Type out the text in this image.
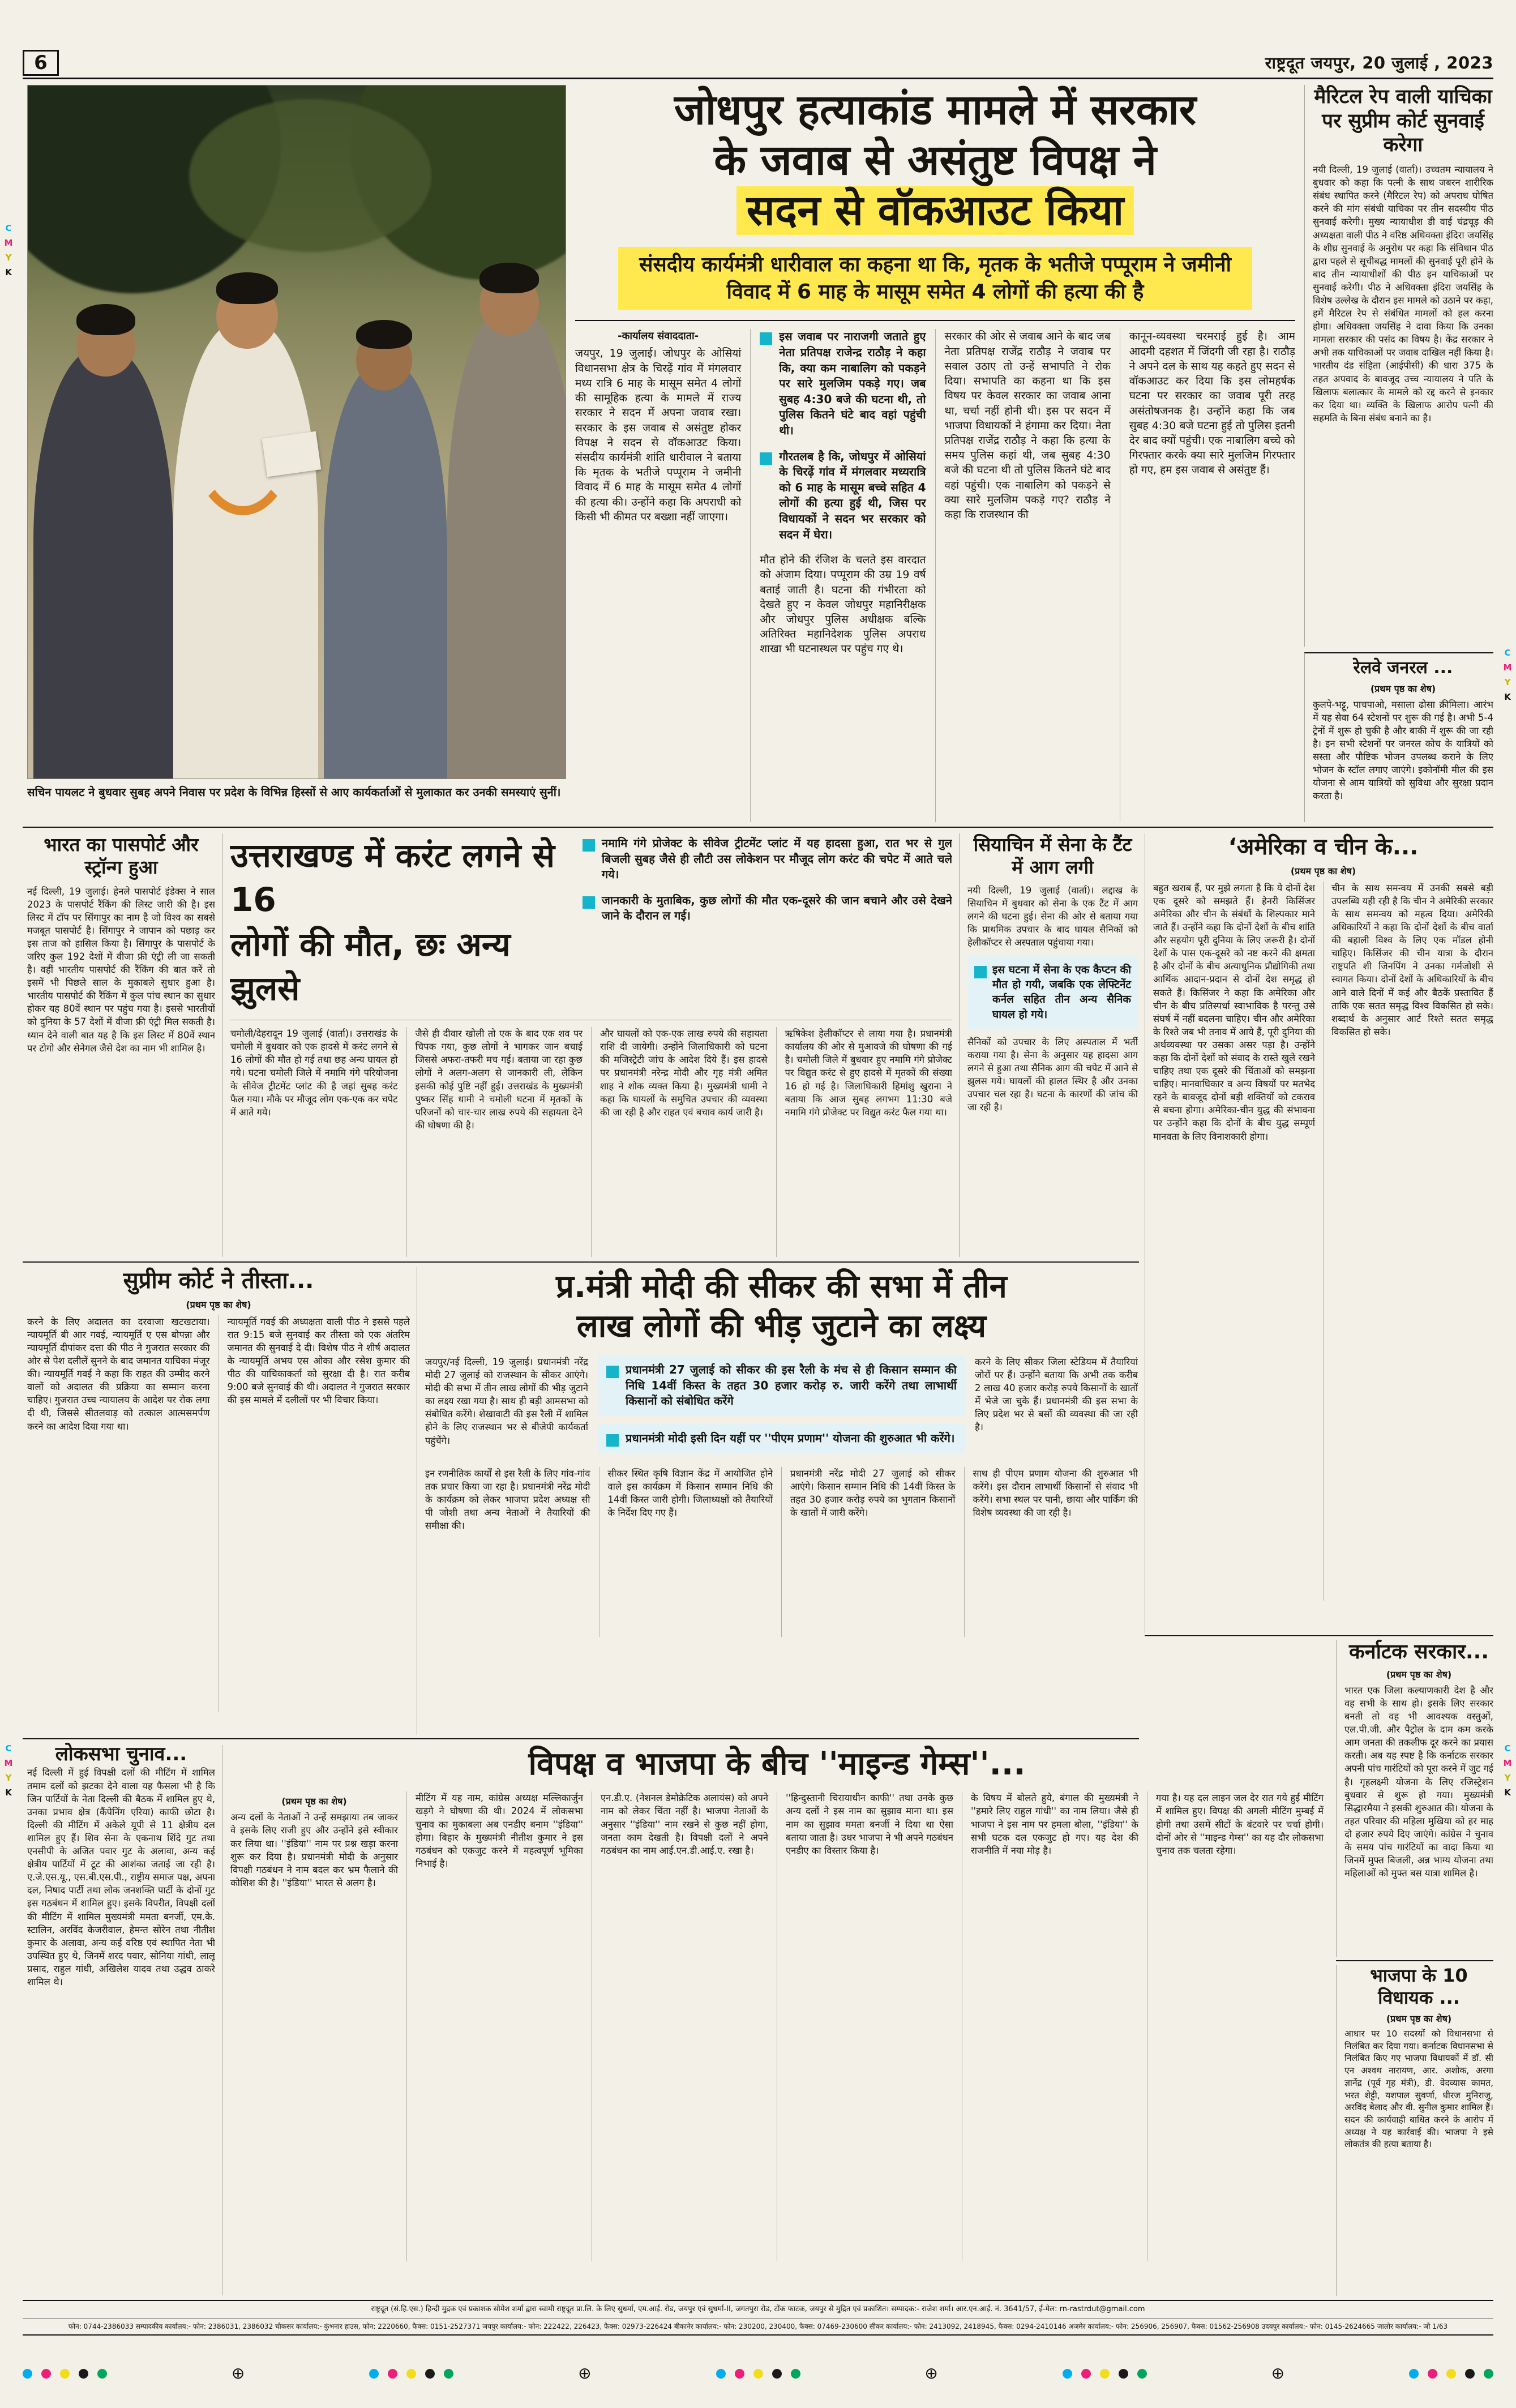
C
M
Y
K
C
M
Y
K
C
M
Y
K
C
M
Y
K
6	राष्ट्रदूत जयपुर, 20 जुलाई , 2023
सचिन पायलट ने बुधवार सुबह अपने निवास पर प्रदेश के विभिन्न हिस्सों से आए कार्यकर्ताओं से मुलाकात कर उनकी समस्याएं सुनीं।
जोधपुर हत्याकांड मामले में सरकार
के जवाब से असंतुष्ट विपक्ष ने
सदन से वॉकआउट किया
संसदीय कार्यमंत्री धारीवाल का कहना था कि, मृतक के भतीजे पप्पूराम ने जमीनी विवाद में 6 माह के मासूम समेत 4 लोगों की हत्या की है
-कार्यालय संवाददाता-
जयपुर, 19 जुलाई। जोधपुर के ओसियां विधानसभा क्षेत्र के चिरढ़ें गांव में मंगलवार मध्य रात्रि 6 माह के मासूम समेत 4 लोगों की सामूहिक हत्या के मामले में राज्य सरकार ने सदन में अपना जवाब रखा। सरकार के इस जवाब से असंतुष्ट होकर विपक्ष ने सदन से वॉकआउट किया। संसदीय कार्यमंत्री शांति धारीवाल ने बताया कि मृतक के भतीजे पप्पूराम ने जमीनी विवाद में 6 माह के मासूम समेत 4 लोगों की हत्या की। उन्होंने कहा कि अपराधी को किसी भी कीमत पर बख्शा नहीं जाएगा।
इस जवाब पर नाराजगी जताते हुए नेता प्रतिपक्ष राजेन्द्र राठौड़ ने कहा कि, क्या कम नाबालिग को पकड़ने पर सारे मुलजिम पकड़े गए। जब सुबह 4:30 बजे की घटना थी, तो पुलिस कितने घंटे बाद वहां पहुंची थी।
गौरतलब है कि, जोधपुर में ओसियां के चिरढ़ें गांव में मंगलवार मध्यरात्रि को 6 माह के मासूम बच्चे सहित 4 लोगों की हत्या हुई थी, जिस पर विधायकों ने सदन भर सरकार को सदन में घेरा।
मौत होने की रंजिश के चलते इस वारदात को अंजाम दिया। पप्पूराम की उम्र 19 वर्ष बताई जाती है। घटना की गंभीरता को देखते हुए न केवल जोधपुर महानिरीक्षक और जोधपुर पुलिस अधीक्षक बल्कि अतिरिक्त महानिदेशक पुलिस अपराध शाखा भी घटनास्थल पर पहुंच गए थे।
सरकार की ओर से जवाब आने के बाद जब नेता प्रतिपक्ष राजेंद्र राठौड़ ने जवाब पर सवाल उठाए तो उन्हें सभापति ने रोक दिया। सभापति का कहना था कि इस विषय पर केवल सरकार का जवाब आना था, चर्चा नहीं होनी थी। इस पर सदन में भाजपा विधायकों ने हंगामा कर दिया। नेता प्रतिपक्ष राजेंद्र राठौड़ ने कहा कि हत्या के समय पुलिस कहां थी, जब सुबह 4:30 बजे की घटना थी तो पुलिस कितने घंटे बाद वहां पहुंची। एक नाबालिग को पकड़ने से क्या सारे मुलजिम पकड़े गए? राठौड़ ने कहा कि राजस्थान की
कानून-व्यवस्था चरमराई हुई है। आम आदमी दहशत में जिंदगी जी रहा है। राठौड़ ने अपने दल के साथ यह कहते हुए सदन से वॉकआउट कर दिया कि इस लोमहर्षक घटना पर सरकार का जवाब पूरी तरह असंतोषजनक है। उन्होंने कहा कि जब सुबह 4:30 बजे घटना हुई तो पुलिस इतनी देर बाद क्यों पहुंची। एक नाबालिग बच्चे को गिरफ्तार करके क्या सारे मुलजिम गिरफ्तार हो गए, हम इस जवाब से असंतुष्ट हैं।
मैरिटल रेप वाली याचिका पर सुप्रीम कोर्ट सुनवाई करेगा
नयी दिल्ली, 19 जुलाई (वार्ता)। उच्चतम न्यायालय ने बुधवार को कहा कि पत्नी के साथ जबरन शारीरिक संबंध स्थापित करने (मैरिटल रेप) को अपराध घोषित करने की मांग संबंधी याचिका पर तीन सदस्यीय पीठ सुनवाई करेगी। मुख्य न्यायाधीश डी वाई चंद्रचूड़ की अध्यक्षता वाली पीठ ने वरिष्ठ अधिवक्ता इंदिरा जयसिंह के शीघ्र सुनवाई के अनुरोध पर कहा कि संविधान पीठ द्वारा पहले से सूचीबद्ध मामलों की सुनवाई पूरी होने के बाद तीन न्यायाधीशों की पीठ इन याचिकाओं पर सुनवाई करेगी। पीठ ने अधिवक्ता इंदिरा जयसिंह के विशेष उल्लेख के दौरान इस मामले को उठाने पर कहा, हमें मैरिटल रेप से संबंधित मामलों को हल करना होगा। अधिवक्ता जयसिंह ने दावा किया कि उनका मामला सरकार की पसंद का विषय है। केंद्र सरकार ने अभी तक याचिकाओं पर जवाब दाखिल नहीं किया है। भारतीय दंड संहिता (आईपीसी) की धारा 375 के तहत अपवाद के बावजूद उच्च न्यायालय ने पति के खिलाफ बलात्कार के मामले को रद्द करने से इनकार कर दिया था। व्यक्ति के खिलाफ आरोप पत्नी की सहमति के बिना संबंध बनाने का है।
रेलवे जनरल ...
(प्रथम पृष्ठ का शेष)
कुलपे-भट्टू, पाचपाओ, मसाला ढोसा क्रीमिला। आरंभ में यह सेवा 64 स्टेशनों पर शुरू की गई है। अभी 5-4 ट्रेनों में शुरू हो चुकी है और बाकी में शुरू की जा रही है। इन सभी स्टेशनों पर जनरल कोच के यात्रियों को सस्ता और पौष्टिक भोजन उपलब्ध कराने के लिए भोजन के स्टॉल लगाए जाएंगे। इकोनॉमी मील की इस योजना से आम यात्रियों को सुविधा और सुरक्षा प्रदान करता है।
भारत का पासपोर्ट और स्ट्रॉन्ग हुआ
नई दिल्ली, 19 जुलाई। हेनले पासपोर्ट इंडेक्स ने साल 2023 के पासपोर्ट रैंकिंग की लिस्ट जारी की है। इस लिस्ट में टॉप पर सिंगापुर का नाम है जो विश्व का सबसे मजबूत पासपोर्ट है। सिंगापुर ने जापान को पछाड़ कर इस ताज को हासिल किया है। सिंगापुर के पासपोर्ट के जरिए कुल 192 देशों में वीजा फ्री एंट्री ली जा सकती है। वहीं भारतीय पासपोर्ट की रैंकिंग की बात करें तो इसमें भी पिछले साल के मुकाबले सुधार हुआ है। भारतीय पासपोर्ट की रैंकिंग में कुल पांच स्थान का सुधार होकर यह 80वें स्थान पर पहुंच गया है। इससे भारतीयों को दुनिया के 57 देशों में वीजा फ्री एंट्री मिल सकती है। ध्यान देने वाली बात यह है कि इस लिस्ट में 80वें स्थान पर टोगो और सेनेगल जैसे देश का नाम भी शामिल है।
उत्तराखण्ड में करंट लगने से 16
लोगों की मौत, छः अन्य झुलसे
नमामि गंगे प्रोजेक्ट के सीवेज ट्रीटमेंट प्लांट में यह हादसा हुआ, रात भर से गुल बिजली सुबह जैसे ही लौटी उस लोकेशन पर मौजूद लोग करंट की चपेट में आते चले गये।
जानकारी के मुताबिक, कुछ लोगों की मौत एक-दूसरे की जान बचाने और उसे देखने जाने के दौरान ल गई।
चमोली/देहरादून 19 जुलाई (वार्ता)। उत्तराखंड के चमोली में बुधवार को एक हादसे में करंट लगने से 16 लोगों की मौत हो गई तथा छह अन्य घायल हो गये। घटना चमोली जिले में नमामि गंगे परियोजना के सीवेज ट्रीटमेंट प्लांट की है जहां सुबह करंट फैल गया। मौके पर मौजूद लोग एक-एक कर चपेट में आते गये।
जैसे ही दीवार खोली तो एक के बाद एक शव पर चिपक गया, कुछ लोगों ने भागकर जान बचाई जिससे अफरा-तफरी मच गई। बताया जा रहा कुछ लोगों ने अलग-अलग से जानकारी ली, लेकिन इसकी कोई पुष्टि नहीं हुई। उत्तराखंड के मुख्यमंत्री पुष्कर सिंह धामी ने चमोली घटना में मृतकों के परिजनों को चार-चार लाख रुपये की सहायता देने की घोषणा की है।
और घायलों को एक-एक लाख रुपये की सहायता राशि दी जायेगी। उन्होंने जिलाधिकारी को घटना की मजिस्ट्रेटी जांच के आदेश दिये हैं। इस हादसे पर प्रधानमंत्री नरेन्द्र मोदी और गृह मंत्री अमित शाह ने शोक व्यक्त किया है। मुख्यमंत्री धामी ने कहा कि घायलों के समुचित उपचार की व्यवस्था की जा रही है और राहत एवं बचाव कार्य जारी है।
ऋषिकेश हेलीकॉप्टर से लाया गया है। प्रधानमंत्री कार्यालय की ओर से मुआवजे की घोषणा की गई है। चमोली जिले में बुधवार हुए नमामि गंगे प्रोजेक्ट पर विद्युत करंट से हुए हादसे में मृतकों की संख्या 16 हो गई है। जिलाधिकारी हिमांशु खुराना ने बताया कि आज सुबह लगभग 11:30 बजे नमामि गंगे प्रोजेक्ट पर विद्युत करंट फैल गया था।
सियाचिन में सेना के टैंट में आग लगी
नयी दिल्ली, 19 जुलाई (वार्ता)। लद्दाख के सियाचिन में बुधवार को सेना के एक टैंट में आग लगने की घटना हुई। सेना की ओर से बताया गया कि प्राथमिक उपचार के बाद घायल सैनिकों को हेलीकॉप्टर से अस्पताल पहुंचाया गया।
इस घटना में सेना के एक कैप्टन की मौत हो गयी, जबकि एक लेफ्टिनेंट कर्नल सहित तीन अन्य सैनिक घायल हो गये।
सैनिकों को उपचार के लिए अस्पताल में भर्ती कराया गया है। सेना के अनुसार यह हादसा आग लगने से हुआ तथा सैनिक आग की चपेट में आने से झुलस गये। घायलों की हालत स्थिर है और उनका उपचार चल रहा है। घटना के कारणों की जांच की जा रही है।
‘अमेरिका व चीन के...
(प्रथम पृष्ठ का शेष)
बहुत खराब हैं, पर मुझे लगता है कि ये दोनों देश एक दूसरे को समझते हैं। हेनरी किसिंजर अमेरिका और चीन के संबंधों के शिल्पकार माने जाते हैं। उन्होंने कहा कि दोनों देशों के बीच शांति और सहयोग पूरी दुनिया के लिए जरूरी है। दोनों देशों के पास एक-दूसरे को नष्ट करने की क्षमता है और दोनों के बीच अत्याधुनिक प्रौद्योगिकी तथा आर्थिक आदान-प्रदान से दोनों देश समृद्ध हो सकते हैं। किसिंजर ने कहा कि अमेरिका और चीन के बीच प्रतिस्पर्धा स्वाभाविक है परन्तु उसे संघर्ष में नहीं बदलना चाहिए। चीन और अमेरिका के रिश्ते जब भी तनाव में आये हैं, पूरी दुनिया की अर्थव्यवस्था पर उसका असर पड़ा है। उन्होंने कहा कि दोनों देशों को संवाद के रास्ते खुले रखने चाहिए तथा एक दूसरे की चिंताओं को समझना चाहिए। मानवाधिकार व अन्य विषयों पर मतभेद रहने के बावजूद दोनों बड़ी शक्तियों को टकराव से बचना होगा। अमेरिका-चीन युद्ध की संभावना पर उन्होंने कहा कि दोनों के बीच युद्ध सम्पूर्ण मानवता के लिए विनाशकारी होगा।
चीन के साथ समन्वय में उनकी सबसे बड़ी उपलब्धि यही रही है कि चीन ने अमेरिकी सरकार के साथ समन्वय को महत्व दिया। अमेरिकी अधिकारियों ने कहा कि दोनों देशों के बीच वार्ता की बहाली विश्व के लिए एक मॉडल होनी चाहिए। किसिंजर की चीन यात्रा के दौरान राष्ट्रपति शी जिनपिंग ने उनका गर्मजोशी से स्वागत किया। दोनों देशों के अधिकारियों के बीच आने वाले दिनों में कई और बैठकें प्रस्तावित हैं ताकि एक सतत समृद्ध विश्व विकसित हो सके। शब्दार्थ के अनुसार आर्ट रिश्ते सतत समृद्ध विकसित हो सके।
सुप्रीम कोर्ट ने तीस्ता...
(प्रथम पृष्ठ का शेष)
करने के लिए अदालत का दरवाजा खटखटाया। न्यायमूर्ति बी आर गवई, न्यायमूर्ति ए एस बोपन्ना और न्यायमूर्ति दीपांकर दत्ता की पीठ ने गुजरात सरकार की ओर से पेश दलीलें सुनने के बाद जमानत याचिका मंजूर की। न्यायमूर्ति गवई ने कहा कि राहत की उम्मीद करने वालों को अदालत की प्रक्रिया का सम्मान करना चाहिए। गुजरात उच्च न्यायालय के आदेश पर रोक लगा दी थी, जिससे सीतलवाड़ को तत्काल आत्मसमर्पण करने का आदेश दिया गया था।
न्यायमूर्ति गवई की अध्यक्षता वाली पीठ ने इससे पहले रात 9:15 बजे सुनवाई कर तीस्ता को एक अंतरिम जमानत की सुनवाई दे दी। विशेष पीठ ने शीर्ष अदालत के न्यायमूर्ति अभय एस ओका और रसेश कुमार की पीठ की याचिकाकर्ता को सुरक्षा दी है। रात करीब 9:00 बजे सुनवाई की थी। अदालत ने गुजरात सरकार की इस मामले में दलीलों पर भी विचार किया।
प्र.मंत्री मोदी की सीकर की सभा में तीन
लाख लोगों की भीड़ जुटाने का लक्ष्य
जयपुर/नई दिल्ली, 19 जुलाई। प्रधानमंत्री नरेंद्र मोदी 27 जुलाई को राजस्थान के सीकर आएंगे। मोदी की सभा में तीन लाख लोगों की भीड़ जुटाने का लक्ष्य रखा गया है। साथ ही बड़ी आमसभा को संबोधित करेंगे। शेखावाटी की इस रैली में शामिल होने के लिए राजस्थान भर से बीजेपी कार्यकर्ता पहुंचेंगे।
प्रधानमंत्री 27 जुलाई को सीकर की इस रैली के मंच से ही किसान सम्मान की निधि 14वीं किस्त के तहत 30 हजार करोड़ रु. जारी करेंगे तथा लाभार्थी किसानों को संबोधित करेंगे
प्रधानमंत्री मोदी इसी दिन यहीं पर ''पीएम प्रणाम'' योजना की शुरुआत भी करेंगे।
करने के लिए सीकर जिला स्टेडियम में तैयारियां जोरों पर हैं। उन्होंने बताया कि अभी तक करीब 2 लाख 40 हजार करोड़ रुपये किसानों के खातों में भेजे जा चुके हैं। प्रधानमंत्री की इस सभा के लिए प्रदेश भर से बसों की व्यवस्था की जा रही है।
इन रणनीतिक कार्यों से इस रैली के लिए गांव-गांव तक प्रचार किया जा रहा है। प्रधानमंत्री नरेंद्र मोदी के कार्यक्रम को लेकर भाजपा प्रदेश अध्यक्ष सी पी जोशी तथा अन्य नेताओं ने तैयारियों की समीक्षा की।
सीकर स्थित कृषि विज्ञान केंद्र में आयोजित होने वाले इस कार्यक्रम में किसान सम्मान निधि की 14वीं किस्त जारी होगी। जिलाध्यक्षों को तैयारियों के निर्देश दिए गए हैं।
प्रधानमंत्री नरेंद्र मोदी 27 जुलाई को सीकर आएंगे। किसान सम्मान निधि की 14वीं किस्त के तहत 30 हजार करोड़ रुपये का भुगतान किसानों के खातों में जारी करेंगे।
साथ ही पीएम प्रणाम योजना की शुरुआत भी करेंगे। इस दौरान लाभार्थी किसानों से संवाद भी करेंगे। सभा स्थल पर पानी, छाया और पार्किंग की विशेष व्यवस्था की जा रही है।
कर्नाटक सरकार...
(प्रथम पृष्ठ का शेष)
भारत एक जिला कल्याणकारी देश है और वह सभी के साथ हो। इसके लिए सरकार बनती तो वह भी आवश्यक वस्तुओं, एल.पी.जी. और पैट्रोल के दाम कम करके आम जनता की तकलीफ दूर करने का प्रयास करती। अब यह स्पष्ट है कि कर्नाटक सरकार अपनी पांच गारंटियों को पूरा करने में जुट गई है। गृहलक्ष्मी योजना के लिए रजिस्ट्रेशन बुधवार से शुरू हो गया। मुख्यमंत्री सिद्धारमैया ने इसकी शुरुआत की। योजना के तहत परिवार की महिला मुखिया को हर माह दो हजार रुपये दिए जाएंगे। कांग्रेस ने चुनाव के समय पांच गारंटियों का वादा किया था जिनमें मुफ्त बिजली, अन्न भाग्य योजना तथा महिलाओं को मुफ्त बस यात्रा शामिल है।
लोकसभा चुनाव...
नई दिल्ली में हुई विपक्षी दलों की मीटिंग में शामिल तमाम दलों को झटका देने वाला यह फैसला भी है कि जिन पार्टियों के नेता दिल्ली की बैठक में शामिल हुए थे, उनका प्रभाव क्षेत्र (कैंपेनिंग एरिया) काफी छोटा है। दिल्ली की मीटिंग में अकेले यूपी से 11 क्षेत्रीय दल शामिल हुए हैं। शिव सेना के एकनाथ शिंदे गुट तथा एनसीपी के अजित पवार गुट के अलावा, अन्य कई क्षेत्रीय पार्टियों में टूट की आशंका जताई जा रही है। ए.जे.एस.यू., एस.बी.एस.पी., राष्ट्रीय समाज पक्ष, अपना दल, निषाद पार्टी तथा लोक जनशक्ति पार्टी के दोनों गुट इस गठबंधन में शामिल हुए। इसके विपरीत, विपक्षी दलों की मीटिंग में शामिल मुख्यमंत्री ममता बनर्जी, एम.के. स्टालिन, अरविंद केजरीवाल, हेमन्त सोरेन तथा नीतीश कुमार के अलावा, अन्य कई वरिष्ठ एवं स्थापित नेता भी उपस्थित हुए थे, जिनमें शरद पवार, सोनिया गांधी, लालू प्रसाद, राहुल गांधी, अखिलेश यादव तथा उद्धव ठाकरे शामिल थे।
विपक्ष व भाजपा के बीच ''माइन्ड गेम्स''...
(प्रथम पृष्ठ का शेष)
अन्य दलों के नेताओं ने उन्हें समझाया तब जाकर वे इसके लिए राजी हुए और उन्होंने इसे स्वीकार कर लिया था। ''इंडिया'' नाम पर प्रश्न खड़ा करना शुरू कर दिया है। प्रधानमंत्री मोदी के अनुसार विपक्षी गठबंधन ने नाम बदल कर भ्रम फैलाने की कोशिश की है। ''इंडिया'' भारत से अलग है।
मीटिंग में यह नाम, कांग्रेस अध्यक्ष मल्लिकार्जुन खड़गे ने घोषणा की थी। 2024 में लोकसभा चुनाव का मुकाबला अब एनडीए बनाम ''इंडिया'' होगा। बिहार के मुख्यमंत्री नीतीश कुमार ने इस गठबंधन को एकजुट करने में महत्वपूर्ण भूमिका निभाई है।
एन.डी.ए. (नेशनल डेमोक्रेटिक अलायंस) को अपने नाम को लेकर चिंता नहीं है। भाजपा नेताओं के अनुसार ''इंडिया'' नाम रखने से कुछ नहीं होगा, जनता काम देखती है। विपक्षी दलों ने अपने गठबंधन का नाम आई.एन.डी.आई.ए. रखा है।
''हिन्दुस्तानी चिरायाधीन काफी'' तथा उनके कुछ अन्य दलों ने इस नाम का सुझाव माना था। इस नाम का सुझाव ममता बनर्जी ने दिया था ऐसा बताया जाता है। उधर भाजपा ने भी अपने गठबंधन एनडीए का विस्तार किया है।
के विषय में बोलते हुये, बंगाल की मुख्यमंत्री ने ''हमारे लिए राहुल गांधी'' का नाम लिया। जैसे ही भाजपा ने इस नाम पर हमला बोला, ''इंडिया'' के सभी घटक दल एकजुट हो गए। यह देश की राजनीति में नया मोड़ है।
गया है। यह दल लाइन जल देर रात गये हुई मीटिंग में शामिल हुए। विपक्ष की अगली मीटिंग मुम्बई में होगी तथा उसमें सीटों के बंटवारे पर चर्चा होगी। दोनों ओर से ''माइन्ड गेम्स'' का यह दौर लोकसभा चुनाव तक चलता रहेगा।
भाजपा के 10 विधायक ...
(प्रथम पृष्ठ का शेष)
आधार पर 10 सदस्यों को विधानसभा से निलंबित कर दिया गया। कर्नाटक विधानसभा से निलंबित किए गए भाजपा विधायकों में डॉ. सी एन अश्वथ नारायण, आर. अशोक, अरगा ज्ञानेंद्र (पूर्व गृह मंत्री), डी. वेदव्यास कामत, भरत शेट्टी, यशपाल सुवर्णा, धीरज मुनिराजु, अरविंद बेलाद और वी. सुनील कुमार शामिल हैं। सदन की कार्यवाही बाधित करने के आरोप में अध्यक्ष ने यह कार्रवाई की। भाजपा ने इसे लोकतंत्र की हत्या बताया है।
राष्ट्रदूत (सं.हि.एस.) हिन्दी मुद्रक एवं प्रकाशक सोमेश शर्मा द्वारा स्वामी राष्ट्रदूत प्रा.लि. के लिए सुधर्मा, एम.आई. रोड, जयपुर एवं सुधर्मा-II, जगतपुरा रोड, टोंक फाटक, जयपुर से मुद्रित एवं प्रकाशित। सम्पादक:- राजेश शर्मा। आर.एन.आई. नं. 3641/57, ई-मेल: rn-rastrdut@gmail.com
फोन: 0744-2386033 सम्पादकीय कार्यालय:- फोन: 2386031, 2386032 चौकसर कार्यालय:- कुंभनार हाउस, फोन: 2220660, फैक्स: 0151-2527371 जयपुर कार्यालय:- फोन: 222422, 226423, फैक्स: 02973-226424 बीकानेर कार्यालय:- फोन: 230200, 230400, फैक्स: 07469-230600 सीकर कार्यालय:- फोन: 2413092, 2418945, फैक्स: 0294-2410146 अजमेर कार्यालय:- फोन: 256906, 256907, फैक्स: 01562-256908 उदयपुर कार्यालय:- फोन: 0145-2624665 जालोर कार्यालय:- जौ 1/63
⊕	⊕	⊕	⊕
